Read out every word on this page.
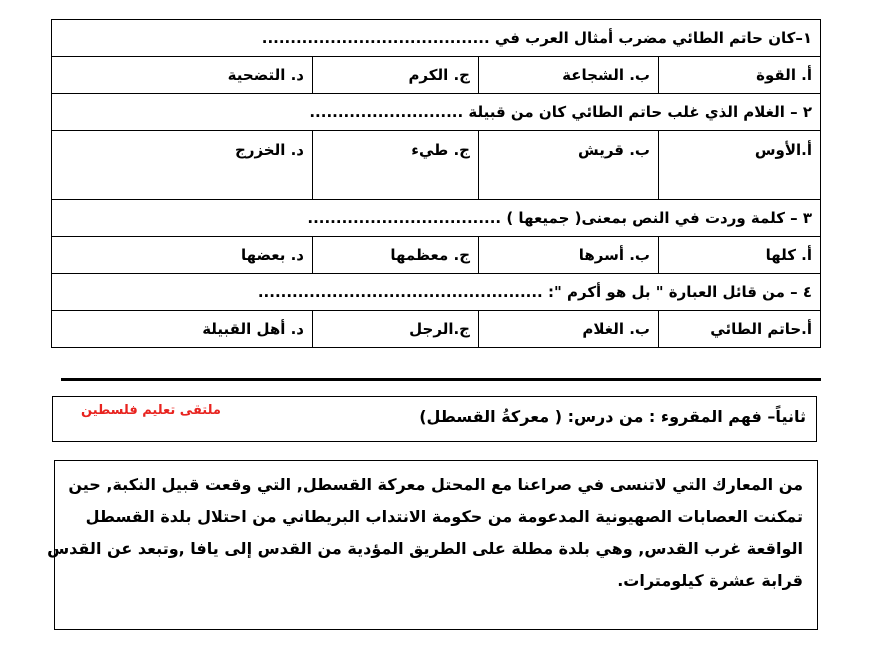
١–كان حاتم الطائي مضرب أمثال العرب في ........................................			
د. التضحية	ج. الكرم	ب. الشجاعة	أ. القوة
٢ – الغلام الذي غلب حاتم الطائي كان من قبيلة ...........................			
د. الخزرج	ج. طيء	ب. قريش	أ.الأوس
٣ – كلمة وردت في النص بمعنى( جميعها ) ..................................			
د. بعضها	ج. معظمها	ب. أسرها	أ. كلها
٤ – من قائل العبارة " بل هو أكرم ": ..................................................			
د. أهل القبيلة	ج.الرجل	ب. الغلام	أ.حاتم الطائي
ثانياً– فهم المقروء : من درس: ( معركةُ القسطل)
ملتقى تعليم فلسطين
من المعارك التي لاتنسى في صراعنا مع المحتل معركة القسطل, التي وقعت قبيل النكبة, حين
تمكنت العصابات الصهيونية المدعومة من حكومة الانتداب البريطاني من احتلال بلدة القسطل
الواقعة غرب القدس, وهي بلدة مطلة على الطريق المؤدية من القدس إلى يافا ,وتبعد عن القدس
قرابة عشرة كيلومترات.
